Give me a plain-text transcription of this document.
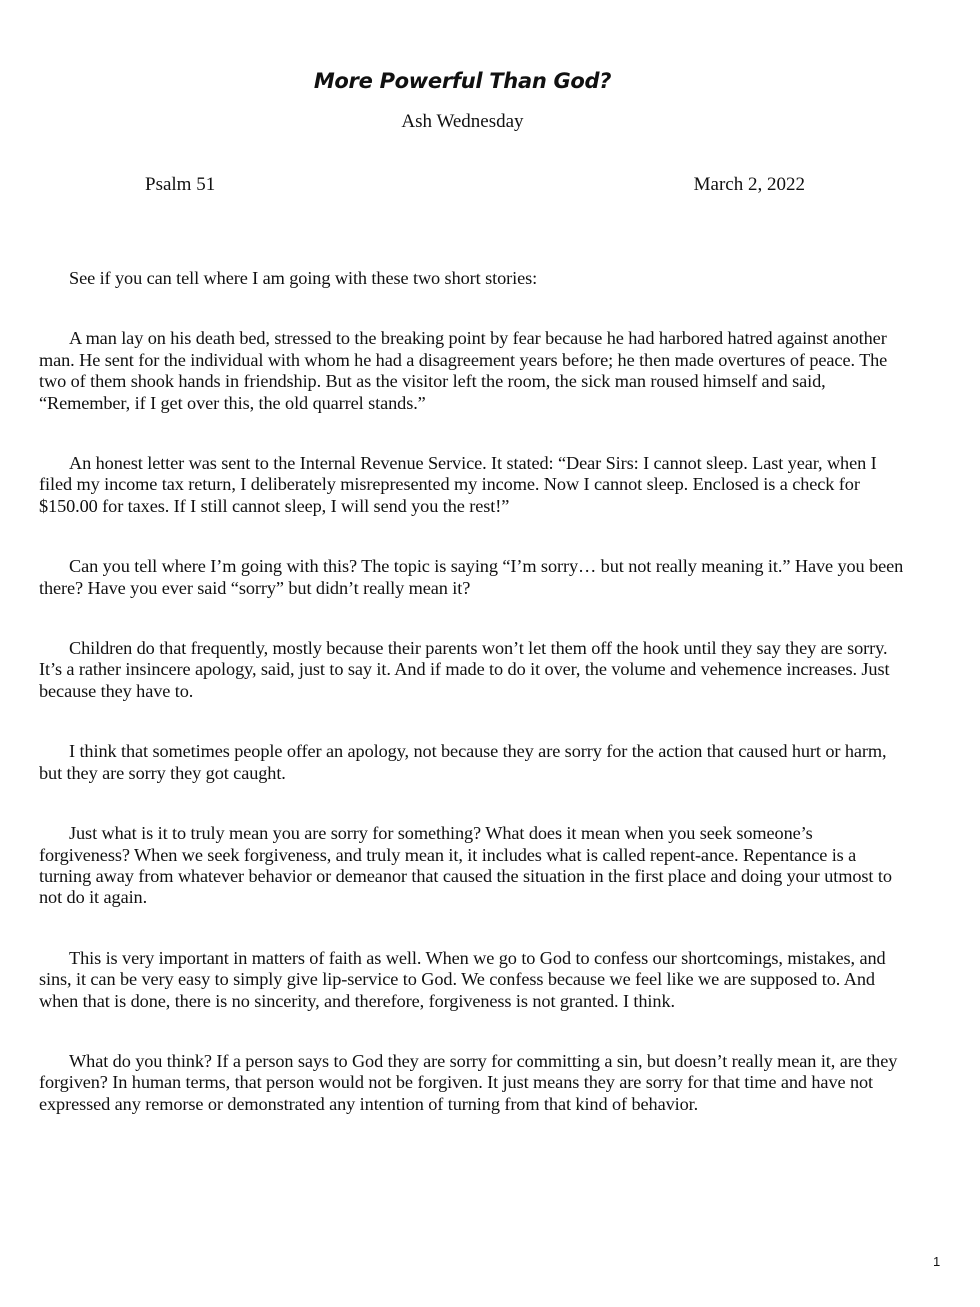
More Powerful Than God?
Ash Wednesday
Psalm 51	March 2, 2022

See if you can tell where I am going with these two short stories:

A man lay on his death bed, stressed to the breaking point by fear because he had harbored hatred against another man. He sent for the individual with whom he had a disagreement years before; he then made overtures of peace. The two of them shook hands in friendship. But as the visitor left the room, the sick man roused himself and said, “Remember, if I get over this, the old quarrel stands.”

An honest letter was sent to the Internal Revenue Service. It stated: “Dear Sirs: I cannot sleep. Last year, when I filed my income tax return, I deliberately misrepresented my income. Now I cannot sleep. Enclosed is a check for $150.00 for taxes. If I still cannot sleep, I will send you the rest!”

Can you tell where I’m going with this? The topic is saying “I’m sorry… but not really meaning it.” Have you been there? Have you ever said “sorry” but didn’t really mean it?

Children do that frequently, mostly because their parents won’t let them off the hook until they say they are sorry. It’s a rather insincere apology, said, just to say it. And if made to do it over, the volume and vehemence increases. Just because they have to.

I think that sometimes people offer an apology, not because they are sorry for the action that caused hurt or harm, but they are sorry they got caught.

Just what is it to truly mean you are sorry for something? What does it mean when you seek someone’s forgiveness? When we seek forgiveness, and truly mean it, it includes what is called repent-ance. Repentance is a turning away from whatever behavior or demeanor that caused the situation in the first place and doing your utmost to not do it again.

This is very important in matters of faith as well. When we go to God to confess our shortcomings, mistakes, and sins, it can be very easy to simply give lip-service to God. We confess because we feel like we are supposed to. And when that is done, there is no sincerity, and therefore, forgiveness is not granted. I think.

What do you think? If a person says to God they are sorry for committing a sin, but doesn’t really mean it, are they forgiven? In human terms, that person would not be forgiven. It just means they are sorry for that time and have not expressed any remorse or demonstrated any intention of turning from that kind of behavior.

1
